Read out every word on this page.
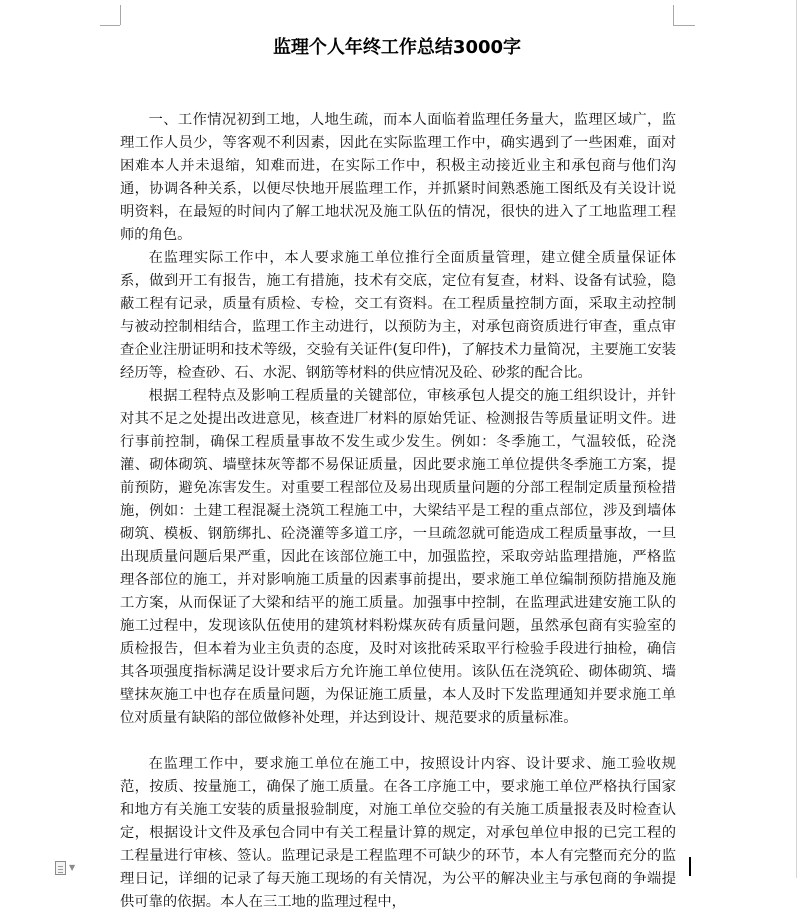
监理个人年终工作总结3000字

一、工作情况初到工地，人地生疏，而本人面临着监理任务量大，监理区域广，监理工作人员少，等客观不利因素，因此在实际监理工作中，确实遇到了一些困难，面对困难本人并未退缩，知难而进，在实际工作中，积极主动接近业主和承包商与他们沟通，协调各种关系，以便尽快地开展监理工作，并抓紧时间熟悉施工图纸及有关设计说明资料，在最短的时间内了解工地状况及施工队伍的情况，很快的进入了工地监理工程师的角色。

在监理实际工作中，本人要求施工单位推行全面质量管理，建立健全质量保证体系，做到开工有报告，施工有措施，技术有交底，定位有复查，材料、设备有试验，隐蔽工程有记录，质量有质检、专检，交工有资料。在工程质量控制方面，采取主动控制与被动控制相结合，监理工作主动进行，以预防为主，对承包商资质进行审查，重点审查企业注册证明和技术等级，交验有关证件(复印件)，了解技术力量简况，主要施工安装经历等，检查砂、石、水泥、钢筋等材料的供应情况及砼、砂浆的配合比。

根据工程特点及影响工程质量的关键部位，审核承包人提交的施工组织设计，并针对其不足之处提出改进意见，核查进厂材料的原始凭证、检测报告等质量证明文件。进行事前控制，确保工程质量事故不发生或少发生。例如：冬季施工，气温较低，砼浇灌、砌体砌筑、墙壁抹灰等都不易保证质量，因此要求施工单位提供冬季施工方案，提前预防，避免冻害发生。对重要工程部位及易出现质量问题的分部工程制定质量预检措施，例如：土建工程混凝土浇筑工程施工中，大梁结平是工程的重点部位，涉及到墙体砌筑、模板、钢筋绑扎、砼浇灌等多道工序，一旦疏忽就可能造成工程质量事故，一旦出现质量问题后果严重，因此在该部位施工中，加强监控，采取旁站监理措施，严格监理各部位的施工，并对影响施工质量的因素事前提出，要求施工单位编制预防措施及施工方案，从而保证了大梁和结平的施工质量。加强事中控制，在监理武进建安施工队的施工过程中，发现该队伍使用的建筑材料粉煤灰砖有质量问题，虽然承包商有实验室的质检报告，但本着为业主负责的态度，及时对该批砖采取平行检验手段进行抽检，确信其各项强度指标满足设计要求后方允许施工单位使用。该队伍在浇筑砼、砌体砌筑、墙壁抹灰施工中也存在质量问题，为保证施工质量，本人及时下发监理通知并要求施工单位对质量有缺陷的部位做修补处理，并达到设计、规范要求的质量标准。

在监理工作中，要求施工单位在施工中，按照设计内容、设计要求、施工验收规范，按质、按量施工，确保了施工质量。在各工序施工中，要求施工单位严格执行国家和地方有关施工安装的质量报验制度，对施工单位交验的有关施工质量报表及时检查认定，根据设计文件及承包合同中有关工程量计算的规定，对承包单位申报的已完工程的工程量进行审核、签认。监理记录是工程监理不可缺少的环节，本人有完整而充分的监理日记，详细的记录了每天施工现场的有关情况，为公平的解决业主与承包商的争端提供可靠的依据。本人在三工地的监理过程中，

▼
